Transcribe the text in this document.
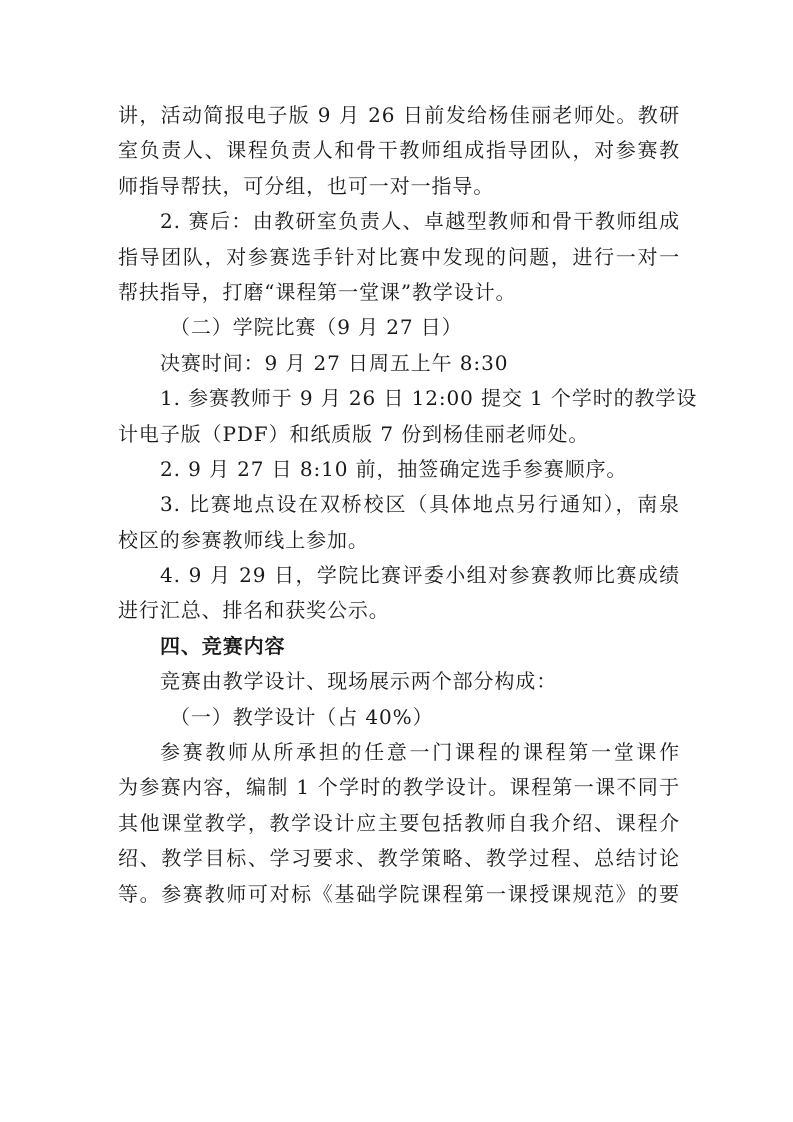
讲，活动简报电子版 9 月 26 日前发给杨佳丽老师处。教研
室负责人、课程负责人和骨干教师组成指导团队，对参赛教
师指导帮扶，可分组，也可一对一指导。
2. 赛后：由教研室负责人、卓越型教师和骨干教师组成
指导团队，对参赛选手针对比赛中发现的问题，进行一对一
帮扶指导，打磨“课程第一堂课”教学设计。
（二）学院比赛（9 月 27 日）
决赛时间：9 月 27 日周五上午 8:30
1. 参赛教师于 9 月 26 日 12:00 提交 1 个学时的教学设
计电子版（PDF）和纸质版 7 份到杨佳丽老师处。
2. 9 月 27 日 8:10 前，抽签确定选手参赛顺序。
3. 比赛地点设在双桥校区（具体地点另行通知），南泉
校区的参赛教师线上参加。
4. 9 月 29 日，学院比赛评委小组对参赛教师比赛成绩
进行汇总、排名和获奖公示。
四、竞赛内容
竞赛由教学设计、现场展示两个部分构成：
（一）教学设计（占 40%）
参赛教师从所承担的任意一门课程的课程第一堂课作
为参赛内容，编制 1 个学时的教学设计。课程第一课不同于
其他课堂教学，教学设计应主要包括教师自我介绍、课程介
绍、教学目标、学习要求、教学策略、教学过程、总结讨论
等。参赛教师可对标《基础学院课程第一课授课规范》的要
